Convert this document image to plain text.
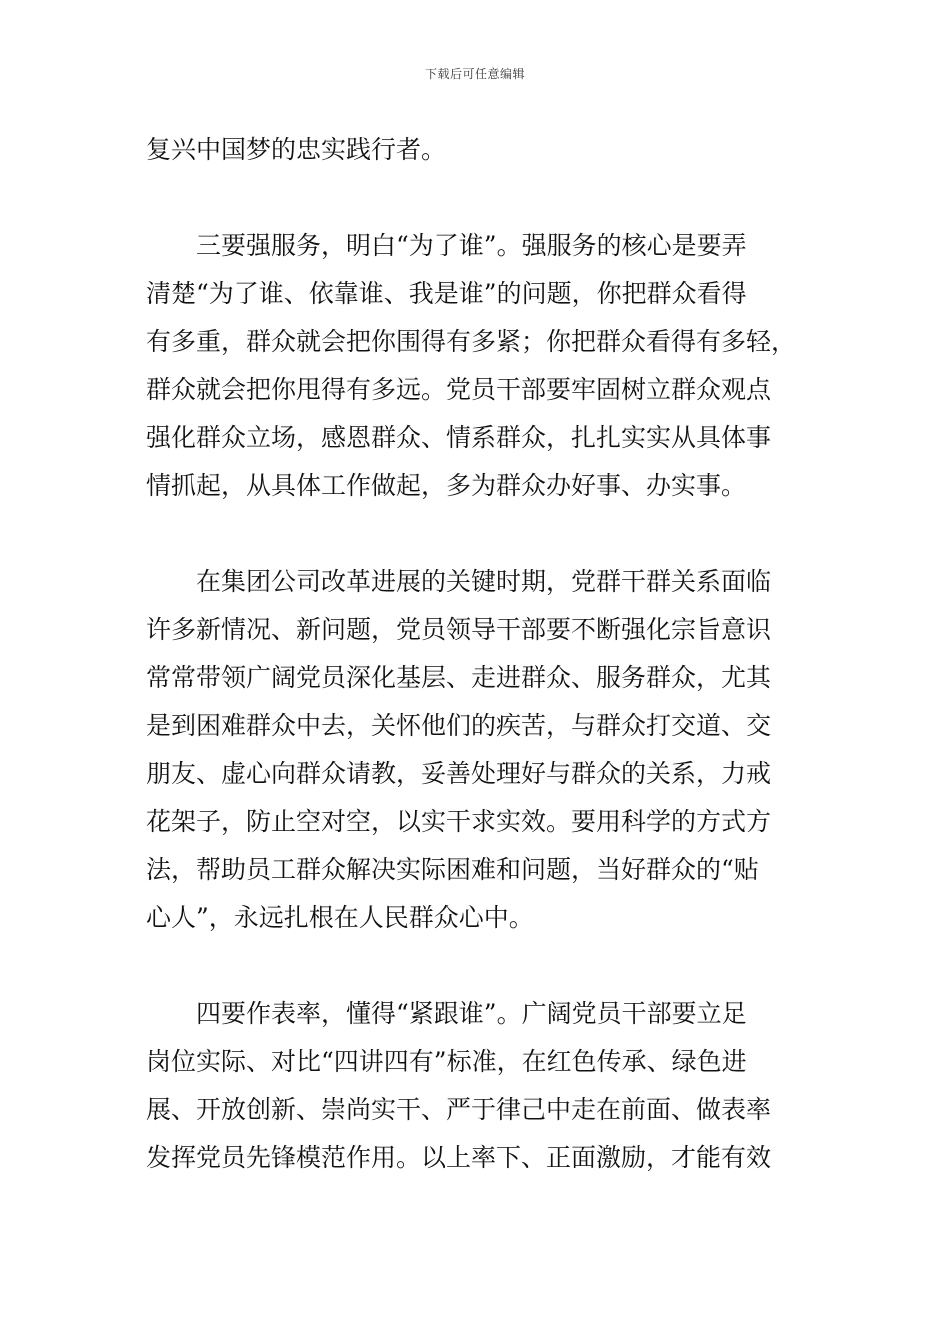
下载后可任意编辑
复兴中国梦的忠实践行者。
三要强服务，明白“为了谁”。强服务的核心是要弄
清楚“为了谁、依靠谁、我是谁”的问题，你把群众看得
有多重，群众就会把你围得有多紧；你把群众看得有多轻，
群众就会把你甩得有多远。党员干部要牢固树立群众观点
强化群众立场，感恩群众、情系群众，扎扎实实从具体事
情抓起，从具体工作做起，多为群众办好事、办实事。
在集团公司改革进展的关键时期，党群干群关系面临
许多新情况、新问题，党员领导干部要不断强化宗旨意识
常常带领广阔党员深化基层、走进群众、服务群众，尤其
是到困难群众中去，关怀他们的疾苦，与群众打交道、交
朋友、虚心向群众请教，妥善处理好与群众的关系，力戒
花架子，防止空对空，以实干求实效。要用科学的方式方
法，帮助员工群众解决实际困难和问题，当好群众的“贴
心人”，永远扎根在人民群众心中。
四要作表率，懂得“紧跟谁”。广阔党员干部要立足
岗位实际、对比“四讲四有”标准，在红色传承、绿色进
展、开放创新、崇尚实干、严于律己中走在前面、做表率
发挥党员先锋模范作用。以上率下、正面激励，才能有效
